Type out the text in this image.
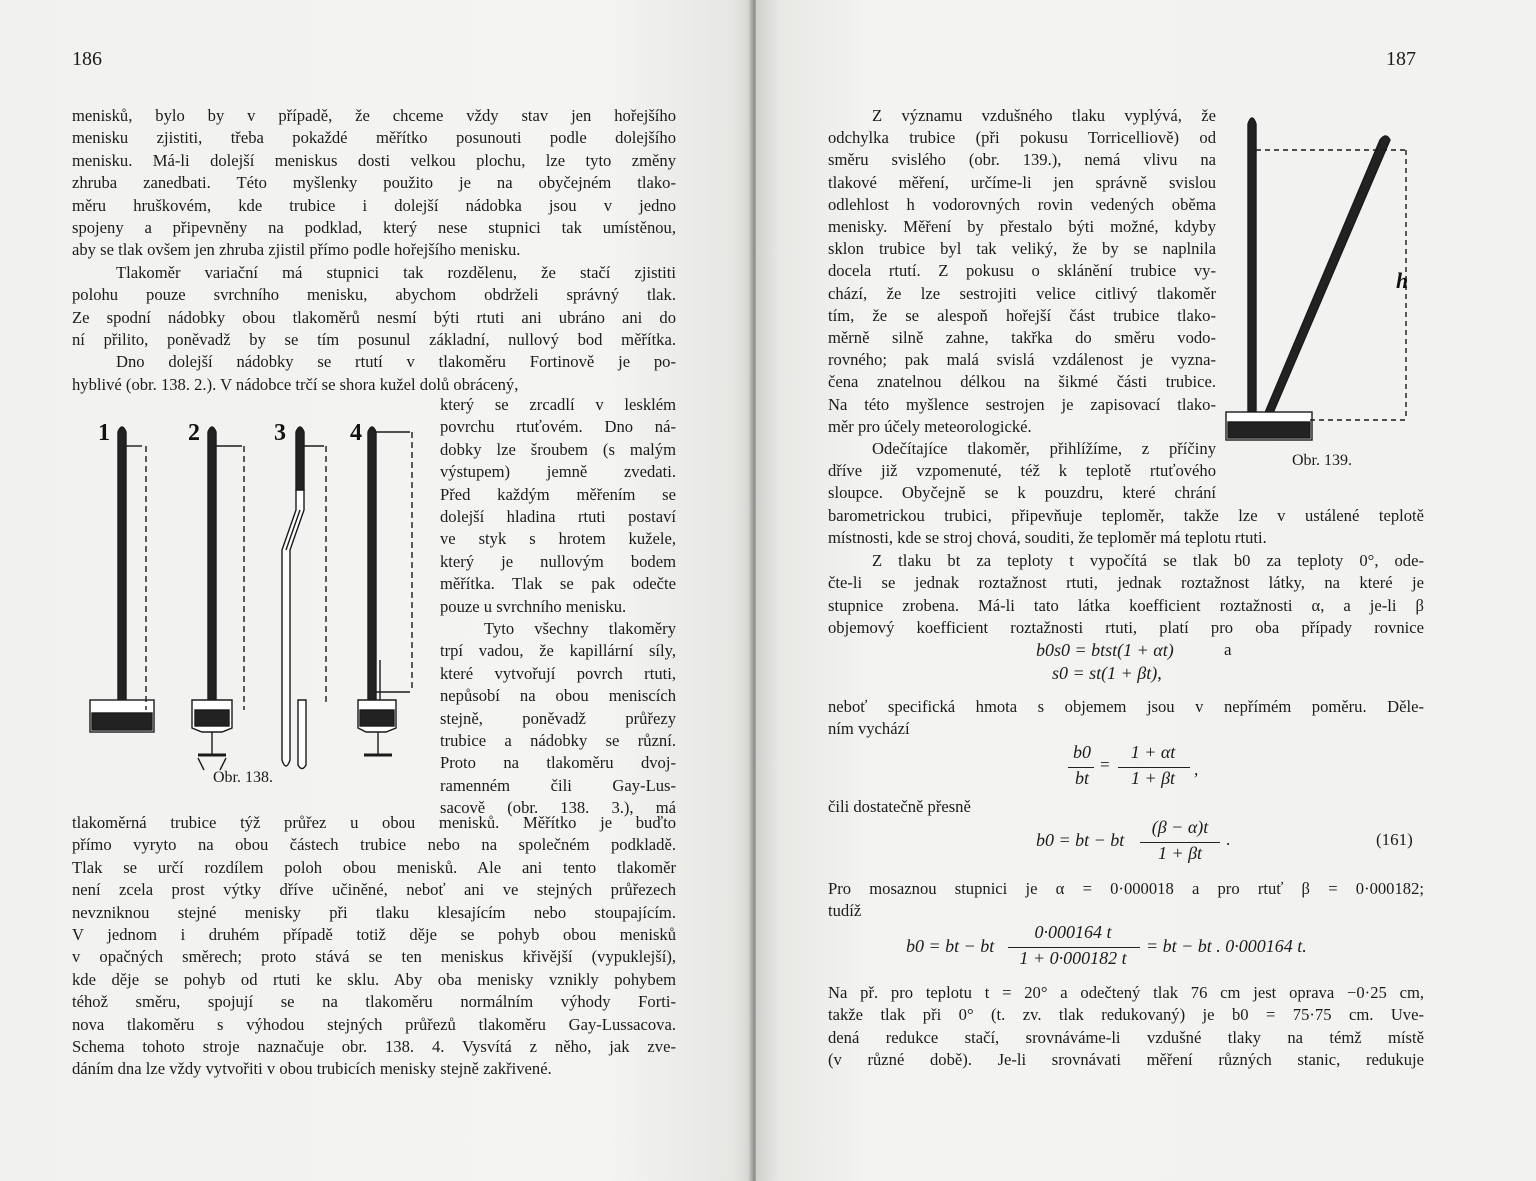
186
menisků, bylo by v případě, že chceme vždy stav jen hořejšího
menisku zjistiti, třeba pokaždé měřítko posunouti podle dolejšího
menisku. Má-li dolejší meniskus dosti velkou plochu, lze tyto změny
zhruba zanedbati. Této myšlenky použito je na obyčejném tlako-
měru hruškovém, kde trubice i dolejší nádobka jsou v jedno
spojeny a připevněny na podklad, který nese stupnici tak umístěnou,
aby se tlak ovšem jen zhruba zjistil přímo podle hořejšího menisku.
Tlakoměr variační má stupnici tak rozdělenu, že stačí zjistiti
polohu pouze svrchního menisku, abychom obdrželi správný tlak.
Ze spodní nádobky obou tlakoměrů nesmí býti rtuti ani ubráno ani do
ní přilito, poněvadž by se tím posunul základní, nullový bod měřítka.
Dno dolejší nádobky se rtutí v tlakoměru Fortinově je po-
hyblivé (obr. 138. 2.). V nádobce trčí se shora kužel dolů obrácený,
který se zrcadlí v lesklém
povrchu rtuťovém. Dno ná-
dobky lze šroubem (s malým
výstupem) jemně zvedati.
Před každým měřením se
dolejší hladina rtuti postaví
ve styk s hrotem kuželе,
který je nullovým bodem
měřítka. Tlak se pak odečte
pouze u svrchního menisku.
Tyto všechny tlakoměry
trpí vadou, že kapillární síly,
které vytvořují povrch rtuti,
nepůsobí na obou meniscích
stejně, poněvadž průřezy
trubice a nádobky se různí.
Proto na tlakoměru dvoj-
ramenném čili Gay-Lus-
sacově (obr. 138. 3.), má
tlakoměrná trubice týž průřez u obou menisků. Měřítko je buďto
přímo vyryto na obou částech trubice nebo na společném podkladě.
Tlak se určí rozdílem poloh obou menisků. Ale ani tento tlakoměr
není zcela prost výtky dříve učiněné, neboť ani ve stejných průřezech
nevzniknou stejné menisky při tlaku klesajícím nebo stoupajícím.
V jednom i druhém případě totiž děje se pohyb obou menisků
v opačných směrech; proto stává se ten meniskus křivější (vypuklejší),
kde děje se pohyb od rtuti ke sklu. Aby oba menisky vznikly pohybem
téhož směru, spojují se na tlakoměru normálním výhody Forti-
nova tlakoměru s výhodou stejných průřezů tlakoměru Gay-Lussacova.
Schema tohoto stroje naznačuje obr. 138. 4. Vysvítá z něho, jak zve-
dáním dna lze vždy vytvořiti v obou trubicích menisky stejně zakřivené.
1	2	3	4
Obr. 138.
187
Z významu vzdušného tlaku vyplývá, že
odchylka trubice (při pokusu Torricelliově) od
směru svislého (obr. 139.), nemá vlivu na
tlakové měření, určíme-li jen správně svislou
odlehlost h vodorovných rovin vedených oběma
menisky. Měření by přestalo býti možné, kdyby
sklon trubice byl tak veliký, že by se naplnila
docela rtutí. Z pokusu o sklánění trubice vy-
chází, že lze sestrojiti velice citlivý tlakoměr
tím, že se alespoň hořejší část trubice tlako-
měrně silně zahne, takřka do směru vodo-
rovného; pak malá svislá vzdálenost je vyzna-
čena znatelnou délkou na šikmé části trubice.
Na této myšlence sestrojen je zapisovací tlako-
měr pro účely meteorologické.
Odečítajíce tlakoměr, přihlížíme, z příčiny
dříve již vzpomenuté, též k teplotě rtuťového
sloupce. Obyčejně se k pouzdru, které chrání
barometrickou trubici, připevňuje teploměr, takže lze v ustálené teplotě
místnosti, kde se stroj chová, souditi, že teploměr má teplotu rtuti.
Z tlaku bt za teploty t vypočítá se tlak b0 za teploty 0°, ode-
čte-li se jednak roztažnost rtuti, jednak roztažnost látky, na které je
stupnice zrobena. Má-li tato látka koefficient roztažnosti α, a je-li β
objemový koefficient roztažnosti rtuti, platí pro oba případy rovnice
h
Obr. 139.
b0s0 = btst(1 + αt)	a
s0 = st(1 + βt),
neboť specifická hmota s objemem jsou v nepřímém poměru. Dělе-
ním vychází
b0
bt
=
1 + αt
1 + βt	,
čili dostatečně přesně
b0 = bt − bt
(β − α)t
1 + βt
.	(161)
Pro mosaznou stupnici je α = 0·000018 a pro rtuť β = 0·000182;
tudíž
b0 = bt − bt
0·000164 t
1 + 0·000182 t
= bt − bt . 0·000164 t.
Na př. pro teplotu t = 20° a odečtený tlak 76 cm jest oprava −0·25 cm,
takže tlak při 0° (t. zv. tlak redukovaný) je b0 = 75·75 cm. Uve-
dená redukce stačí, srovnáváme-li vzdušné tlaky na témž místě
(v různé době). Je-li srovnávati měření různých stanic, redukuje
